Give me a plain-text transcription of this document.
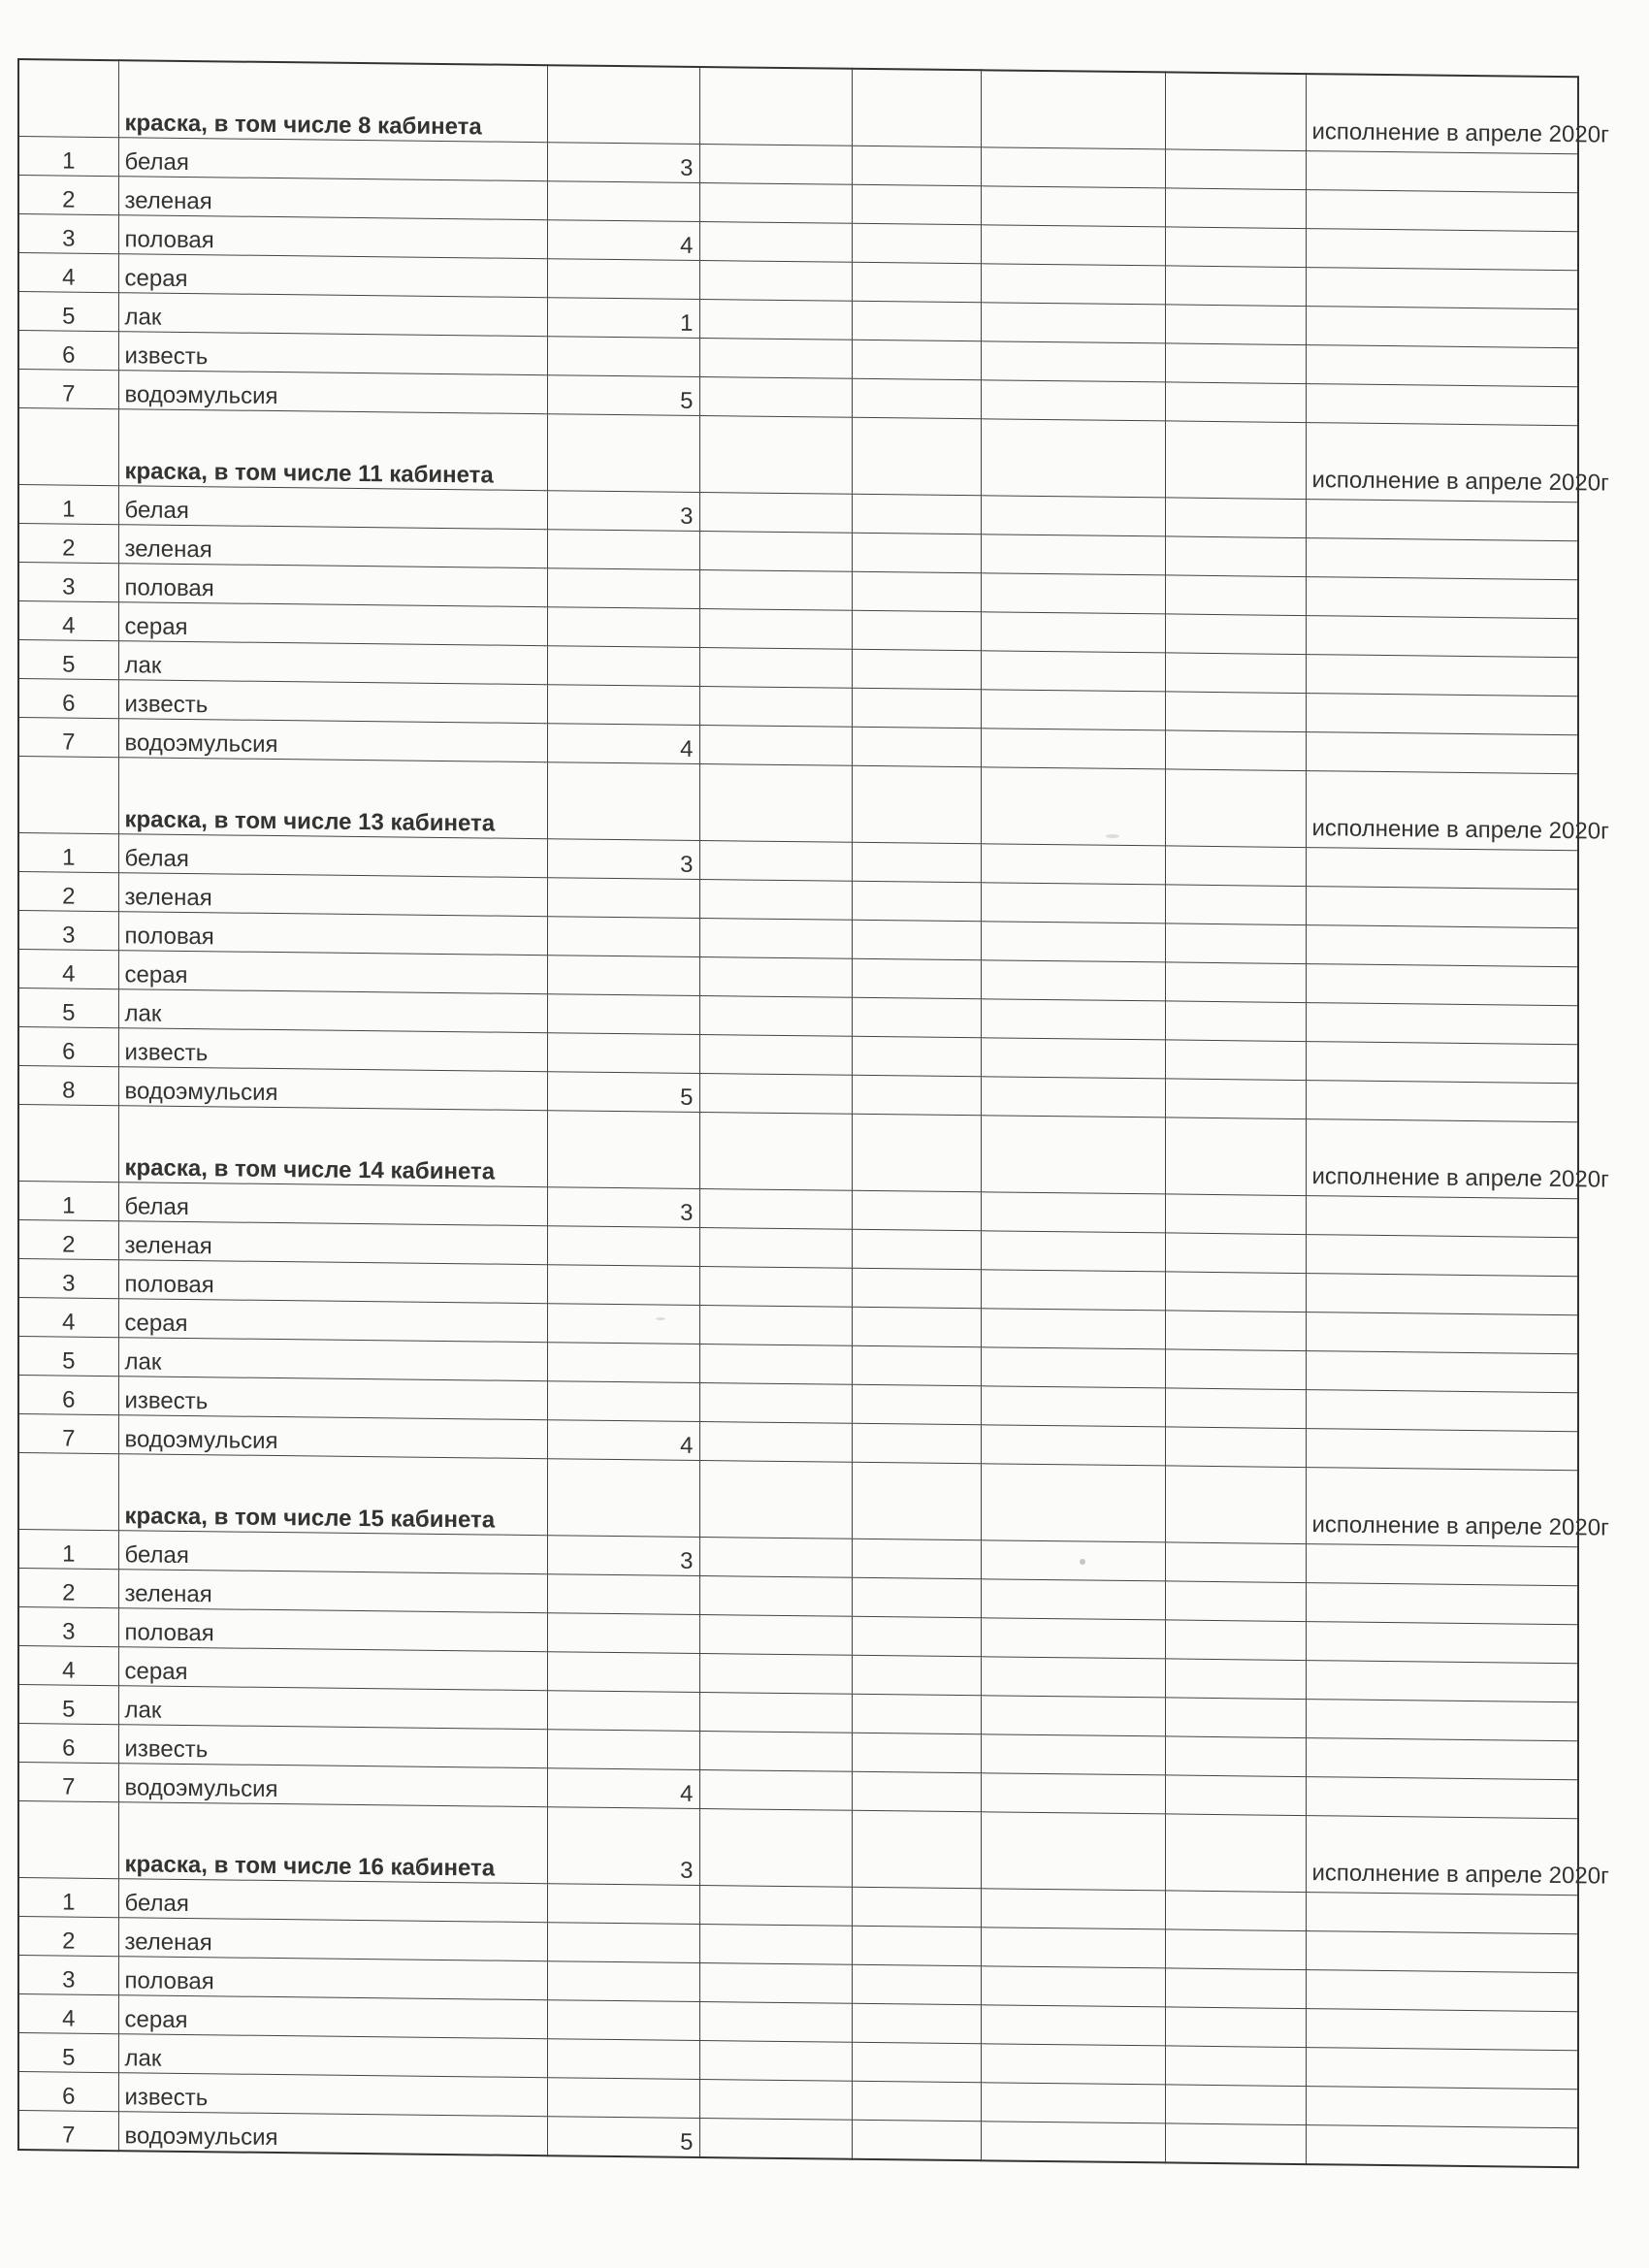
	краска, в том числе 8 кабинета						исполнение в апреле 2020г
1	белая	3					
2	зеленая						
3	половая	4					
4	серая						
5	лак	1					
6	известь						
7	водоэмульсия	5					
	краска, в том числе 11 кабинета						исполнение в апреле 2020г
1	белая	3					
2	зеленая						
3	половая						
4	серая						
5	лак						
6	известь						
7	водоэмульсия	4					
	краска, в том числе 13 кабинета						исполнение в апреле 2020г
1	белая	3					
2	зеленая						
3	половая						
4	серая						
5	лак						
6	известь						
8	водоэмульсия	5					
	краска, в том числе 14 кабинета						исполнение в апреле 2020г
1	белая	3					
2	зеленая						
3	половая						
4	серая						
5	лак						
6	известь						
7	водоэмульсия	4					
	краска, в том числе 15 кабинета						исполнение в апреле 2020г
1	белая	3					
2	зеленая						
3	половая						
4	серая						
5	лак						
6	известь						
7	водоэмульсия	4					
	краска, в том числе 16 кабинета	3					исполнение в апреле 2020г
1	белая						
2	зеленая						
3	половая						
4	серая						
5	лак						
6	известь						
7	водоэмульсия	5					
